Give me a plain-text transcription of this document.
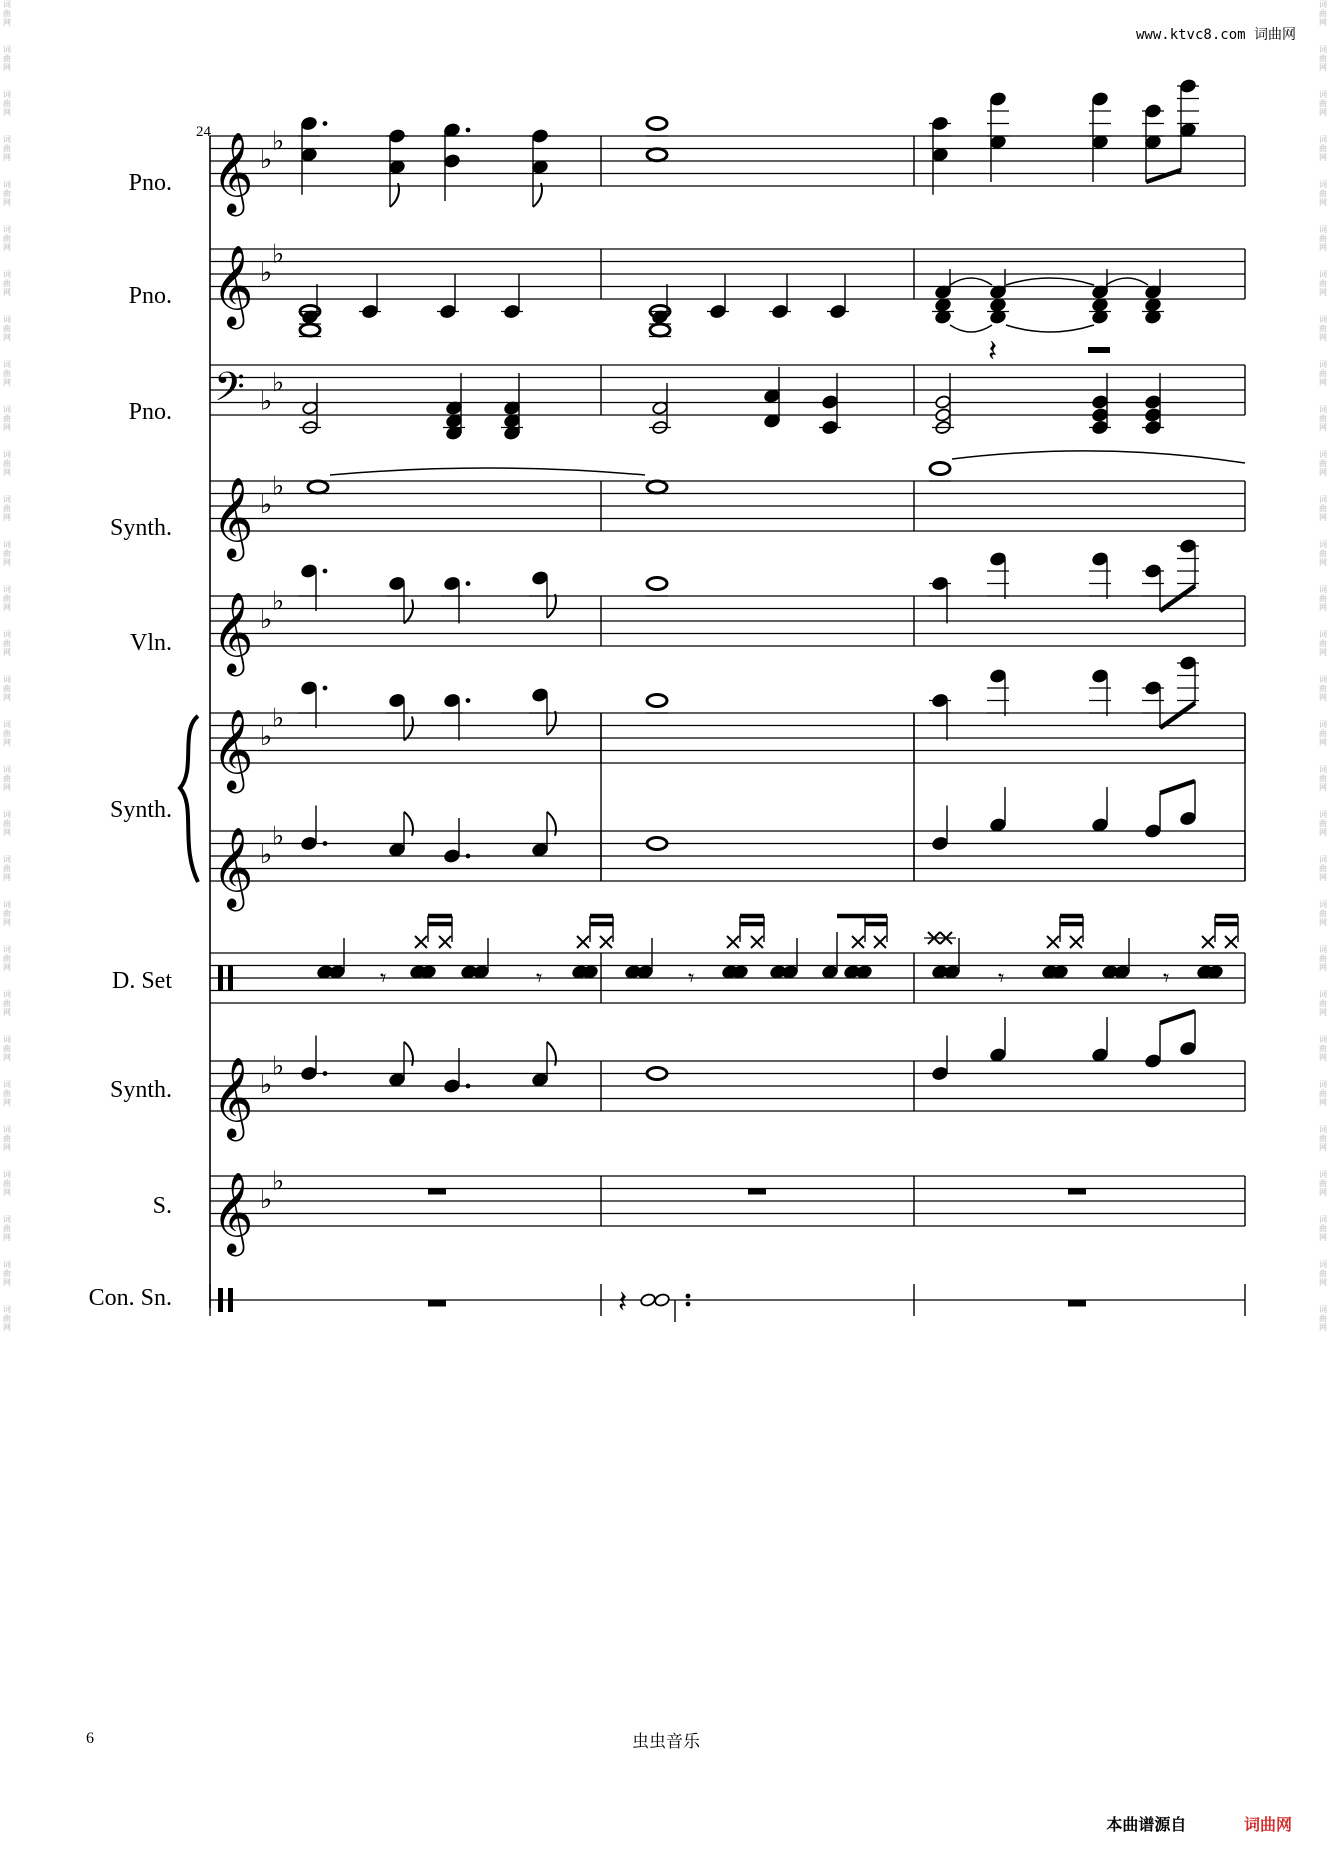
词
曲
网

词
曲
网

词
曲
网

词
曲
网

词
曲
网

词
曲
网

词
曲
网

词
曲
网

词
曲
网

词
曲
网

词
曲
网

词
曲
网

词
曲
网

词
曲
网

词
曲
网

词
曲
网

词
曲
网

词
曲
网

词
曲
网

词
曲
网

词
曲
网

词
曲
网

词
曲
网

词
曲
网

词
曲
网

词
曲
网

词
曲
网

词
曲
网

词
曲
网

词
曲
网

词
曲
网

词
曲
网

词
曲
网

词
曲
网

词
曲
网

词
曲
网

词
曲
网

词
曲
网

词
曲
网

词
曲
网

词
曲
网

词
曲
网

词
曲
网

词
曲
网

词
曲
网

词
曲
网

词
曲
网

词
曲
网

词
曲
网

词
曲
网

词
曲
网

词
曲
网

词
曲
网

词
曲
网

词
曲
网

词
曲
网

词
曲
网

词
曲
网

词
曲
网

词
曲
网

www.ktvc8.com 词曲网
24
Pno.
Pno.
Pno.
Synth.
Vln.
Synth.
D. Set
Synth.
S.
Con. Sn.
𝄞 ♭
♭
𝄞 ♭
♭
𝄢 ♭
♭
𝄞 ♭
♭
𝄞 ♭
♭
𝄞 ♭
♭
𝄞 ♭
♭
𝄞 ♭
♭
𝄞 ♭
♭
𝄽
𝄾	𝄾	𝄾	𝄾	𝄾
𝄽
6	虫虫音乐
本曲谱源自	词曲网
